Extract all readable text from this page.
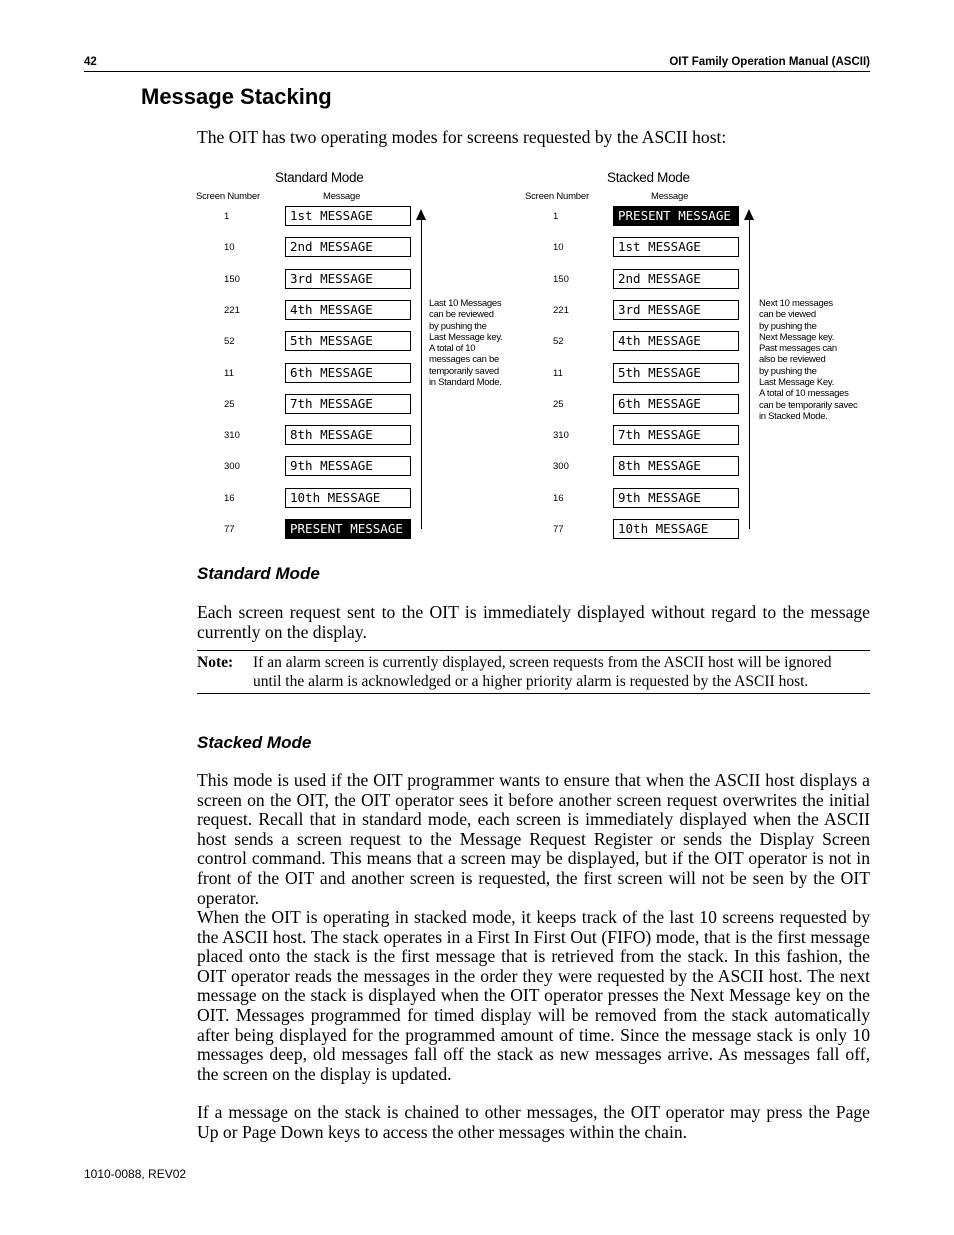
42	OIT Family Operation Manual (ASCII)
Message Stacking
The OIT has two operating modes for screens requested by the ASCII host:
Standard Mode
Screen Number	Message
1	1st MESSAGE
10	2nd MESSAGE
150	3rd MESSAGE
221	4th MESSAGE
52	5th MESSAGE
11	6th MESSAGE
25	7th MESSAGE
310	8th MESSAGE
300	9th MESSAGE
16	10th MESSAGE
77	PRESENT MESSAGE
Last 10 Messages
can be reviewed
by pushing the
Last Message key.
A total of 10
messages can be
temporarily saved
in Standard Mode.
Stacked Mode
Screen Number	Message
1	PRESENT MESSAGE
10	1st MESSAGE
150	2nd MESSAGE
221	3rd MESSAGE
52	4th MESSAGE
11	5th MESSAGE
25	6th MESSAGE
310	7th MESSAGE
300	8th MESSAGE
16	9th MESSAGE
77	10th MESSAGE
Next 10 messages
can be viewed
by pushing the
Next Message key.
Past messages can
also be reviewed
by pushing the
Last Message Key.
A total of 10 messages
can be temporarily savec
in Stacked Mode.
Standard Mode
Each screen request sent to the OIT is immediately displayed without regard to the message currently on the display.
Note: If an alarm screen is currently displayed, screen requests from the ASCII host will be ignored until the alarm is acknowledged or a higher priority alarm is requested by the ASCII host.
Stacked Mode
This mode is used if the OIT programmer wants to ensure that when the ASCII host displays a screen on the OIT, the OIT operator sees it before another screen request overwrites the initial request. Recall that in standard mode, each screen is immediately displayed when the ASCII host sends a screen request to the Message Request Register or sends the Display Screen control command. This means that a screen may be displayed, but if the OIT operator is not in front of the OIT and another screen is requested, the first screen will not be seen by the OIT operator.
When the OIT is operating in stacked mode, it keeps track of the last 10 screens requested by the ASCII host. The stack operates in a First In First Out (FIFO) mode, that is the first message placed onto the stack is the first message that is retrieved from the stack. In this fashion, the OIT operator reads the messages in the order they were requested by the ASCII host. The next message on the stack is displayed when the OIT operator presses the Next Message key on the OIT. Messages programmed for timed display will be removed from the stack automatically after being displayed for the programmed amount of time. Since the message stack is only 10 messages deep, old messages fall off the stack as new messages arrive. As messages fall off, the screen on the display is updated.
If a message on the stack is chained to other messages, the OIT operator may press the Page Up or Page Down keys to access the other messages within the chain.
1010-0088, REV02
